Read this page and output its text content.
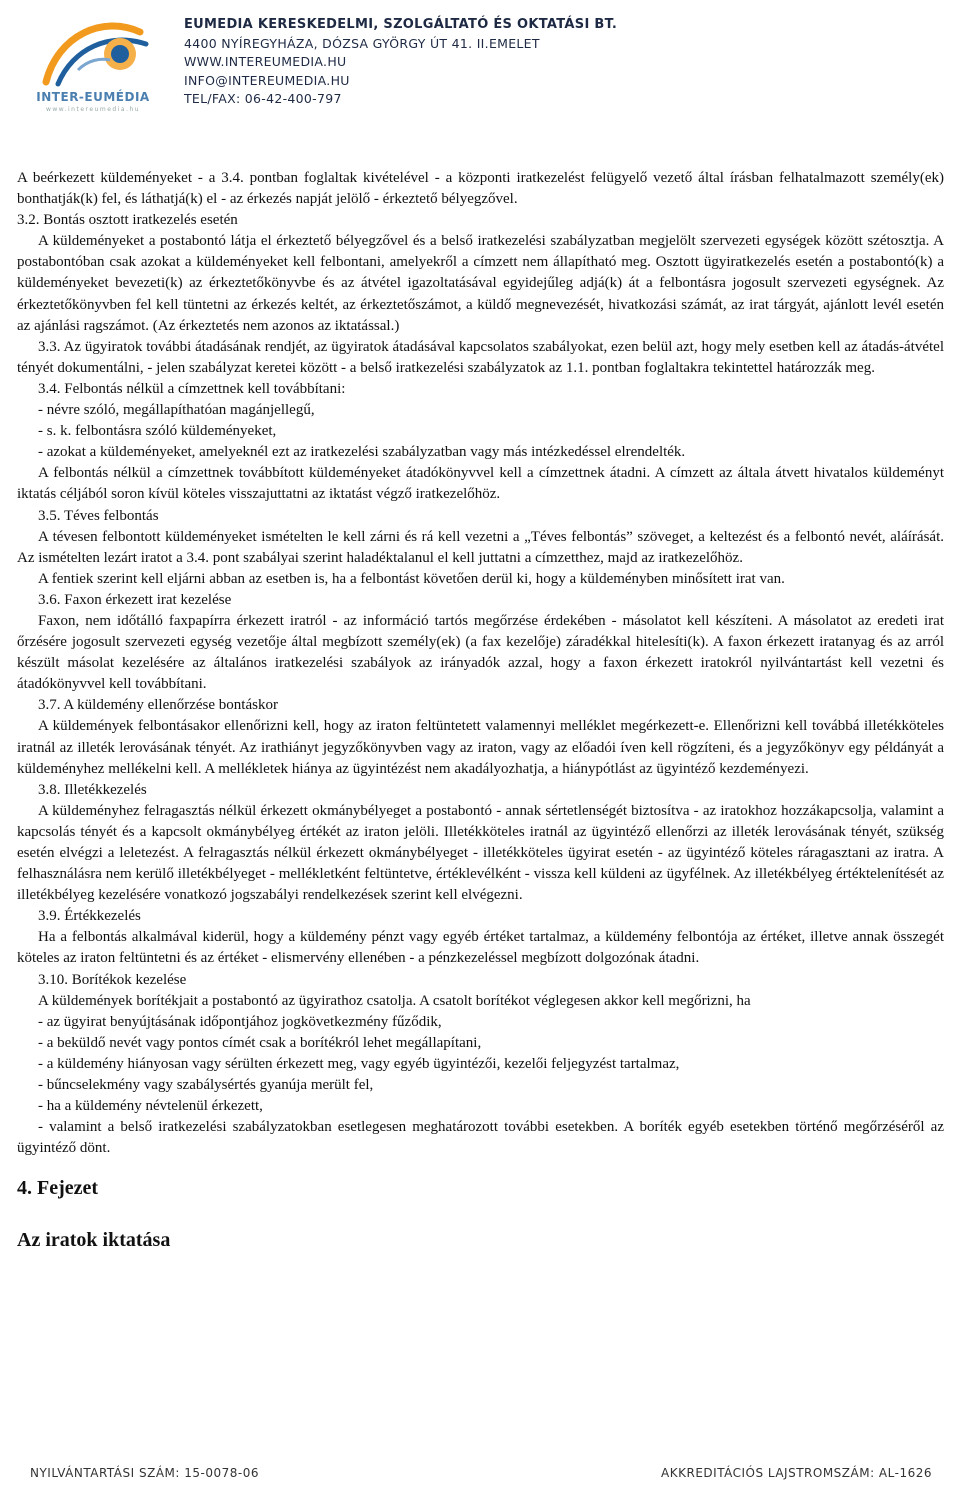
INTER-EUMÉDIA
www.intereumedia.hu
EUMEDIA KERESKEDELMI, SZOLGÁLTATÓ ÉS OKTATÁSI BT.
4400 NYÍREGYHÁZA, DÓZSA GYÖRGY ÚT 41. II.EMELET
WWW.INTEREUMEDIA.HU
INFO@INTEREUMEDIA.HU
TEL/FAX: 06-42-400-797

A beérkezett küldeményeket - a 3.4. pontban foglaltak kivételével - a központi iratkezelést felügyelő vezető által írásban felhatalmazott személy(ek) bonthatják(k) fel, és láthatjá(k) el - az érkezés napját jelölő - érkeztető bélyegzővel.

3.2. Bontás osztott iratkezelés esetén

A küldeményeket a postabontó látja el érkeztető bélyegzővel és a belső iratkezelési szabályzatban megjelölt szervezeti egységek között szétosztja. A postabontóban csak azokat a küldeményeket kell felbontani, amelyekről a címzett nem állapítható meg. Osztott ügyiratkezelés esetén a postabontó(k) a küldeményeket bevezeti(k) az érkeztetőkönyvbe és az átvétel igazoltatásával egyidejűleg adjá(k) át a felbontásra jogosult szervezeti egységnek. Az érkeztetőkönyvben fel kell tüntetni az érkezés keltét, az érkeztetőszámot, a küldő megnevezését, hivatkozási számát, az irat tárgyát, ajánlott levél esetén az ajánlási ragszámot. (Az érkeztetés nem azonos az iktatással.)

3.3. Az ügyiratok további átadásának rendjét, az ügyiratok átadásával kapcsolatos szabályokat, ezen belül azt, hogy mely esetben kell az átadás-átvétel tényét dokumentálni, - jelen szabályzat keretei között - a belső iratkezelési szabályzatok az 1.1. pontban foglaltakra tekintettel határozzák meg.

3.4. Felbontás nélkül a címzettnek kell továbbítani:

- névre szóló, megállapíthatóan magánjellegű,

- s. k. felbontásra szóló küldeményeket,

- azokat a küldeményeket, amelyeknél ezt az iratkezelési szabályzatban vagy más intézkedéssel elrendelték.

A felbontás nélkül a címzettnek továbbított küldeményeket átadókönyvvel kell a címzettnek átadni. A címzett az általa átvett hivatalos küldeményt iktatás céljából soron kívül köteles visszajuttatni az iktatást végző iratkezelőhöz.

3.5. Téves felbontás

A tévesen felbontott küldeményeket ismételten le kell zárni és rá kell vezetni a „Téves felbontás” szöveget, a keltezést és a felbontó nevét, aláírását. Az ismételten lezárt iratot a 3.4. pont szabályai szerint haladéktalanul el kell juttatni a címzetthez, majd az iratkezelőhöz.

A fentiek szerint kell eljárni abban az esetben is, ha a felbontást követően derül ki, hogy a küldeményben minősített irat van.

3.6. Faxon érkezett irat kezelése

Faxon, nem időtálló faxpapírra érkezett iratról - az információ tartós megőrzése érdekében - másolatot kell készíteni. A másolatot az eredeti irat őrzésére jogosult szervezeti egység vezetője által megbízott személy(ek) (a fax kezelője) záradékkal hitelesíti(k). A faxon érkezett iratanyag és az arról készült másolat kezelésére az általános iratkezelési szabályok az irányadók azzal, hogy a faxon érkezett iratokról nyilvántartást kell vezetni és átadókönyvvel kell továbbítani.

3.7. A küldemény ellenőrzése bontáskor

A küldemények felbontásakor ellenőrizni kell, hogy az iraton feltüntetett valamennyi melléklet megérkezett-e. Ellenőrizni kell továbbá illetékköteles iratnál az illeték lerovásának tényét. Az irathiányt jegyzőkönyvben vagy az iraton, vagy az előadói íven kell rögzíteni, és a jegyzőkönyv egy példányát a küldeményhez mellékelni kell. A mellékletek hiánya az ügyintézést nem akadályozhatja, a hiánypótlást az ügyintéző kezdeményezi.

3.8. Illetékkezelés

A küldeményhez felragasztás nélkül érkezett okmánybélyeget a postabontó - annak sértetlenségét biztosítva - az iratokhoz hozzákapcsolja, valamint a kapcsolás tényét és a kapcsolt okmánybélyeg értékét az iraton jelöli. Illetékköteles iratnál az ügyintéző ellenőrzi az illeték lerovásának tényét, szükség esetén elvégzi a leletezést. A felragasztás nélkül érkezett okmánybélyeget - illetékköteles ügyirat esetén - az ügyintéző köteles ráragasztani az iratra. A felhasználásra nem kerülő illetékbélyeget - mellékletként feltüntetve, értéklevélként - vissza kell küldeni az ügyfélnek. Az illetékbélyeg értéktelenítését az illetékbélyeg kezelésére vonatkozó jogszabályi rendelkezések szerint kell elvégezni.

3.9. Értékkezelés

Ha a felbontás alkalmával kiderül, hogy a küldemény pénzt vagy egyéb értéket tartalmaz, a küldemény felbontója az értéket, illetve annak összegét köteles az iraton feltüntetni és az értéket - elismervény ellenében - a pénzkezeléssel megbízott dolgozónak átadni.

3.10. Borítékok kezelése

A küldemények borítékjait a postabontó az ügyirathoz csatolja. A csatolt borítékot véglegesen akkor kell megőrizni, ha

- az ügyirat benyújtásának időpontjához jogkövetkezmény fűződik,

- a beküldő nevét vagy pontos címét csak a borítékról lehet megállapítani,

- a küldemény hiányosan vagy sérülten érkezett meg, vagy egyéb ügyintézői, kezelői feljegyzést tartalmaz,

- bűncselekmény vagy szabálysértés gyanúja merült fel,

- ha a küldemény névtelenül érkezett,

- valamint a belső iratkezelési szabályzatokban esetlegesen meghatározott további esetekben. A boríték egyéb esetekben történő megőrzéséről az ügyintéző dönt.

4. Fejezet
Az iratok iktatása
NYILVÁNTARTÁSI SZÁM: 15-0078-06	AKKREDITÁCIÓS LAJSTROMSZÁM: AL-1626
